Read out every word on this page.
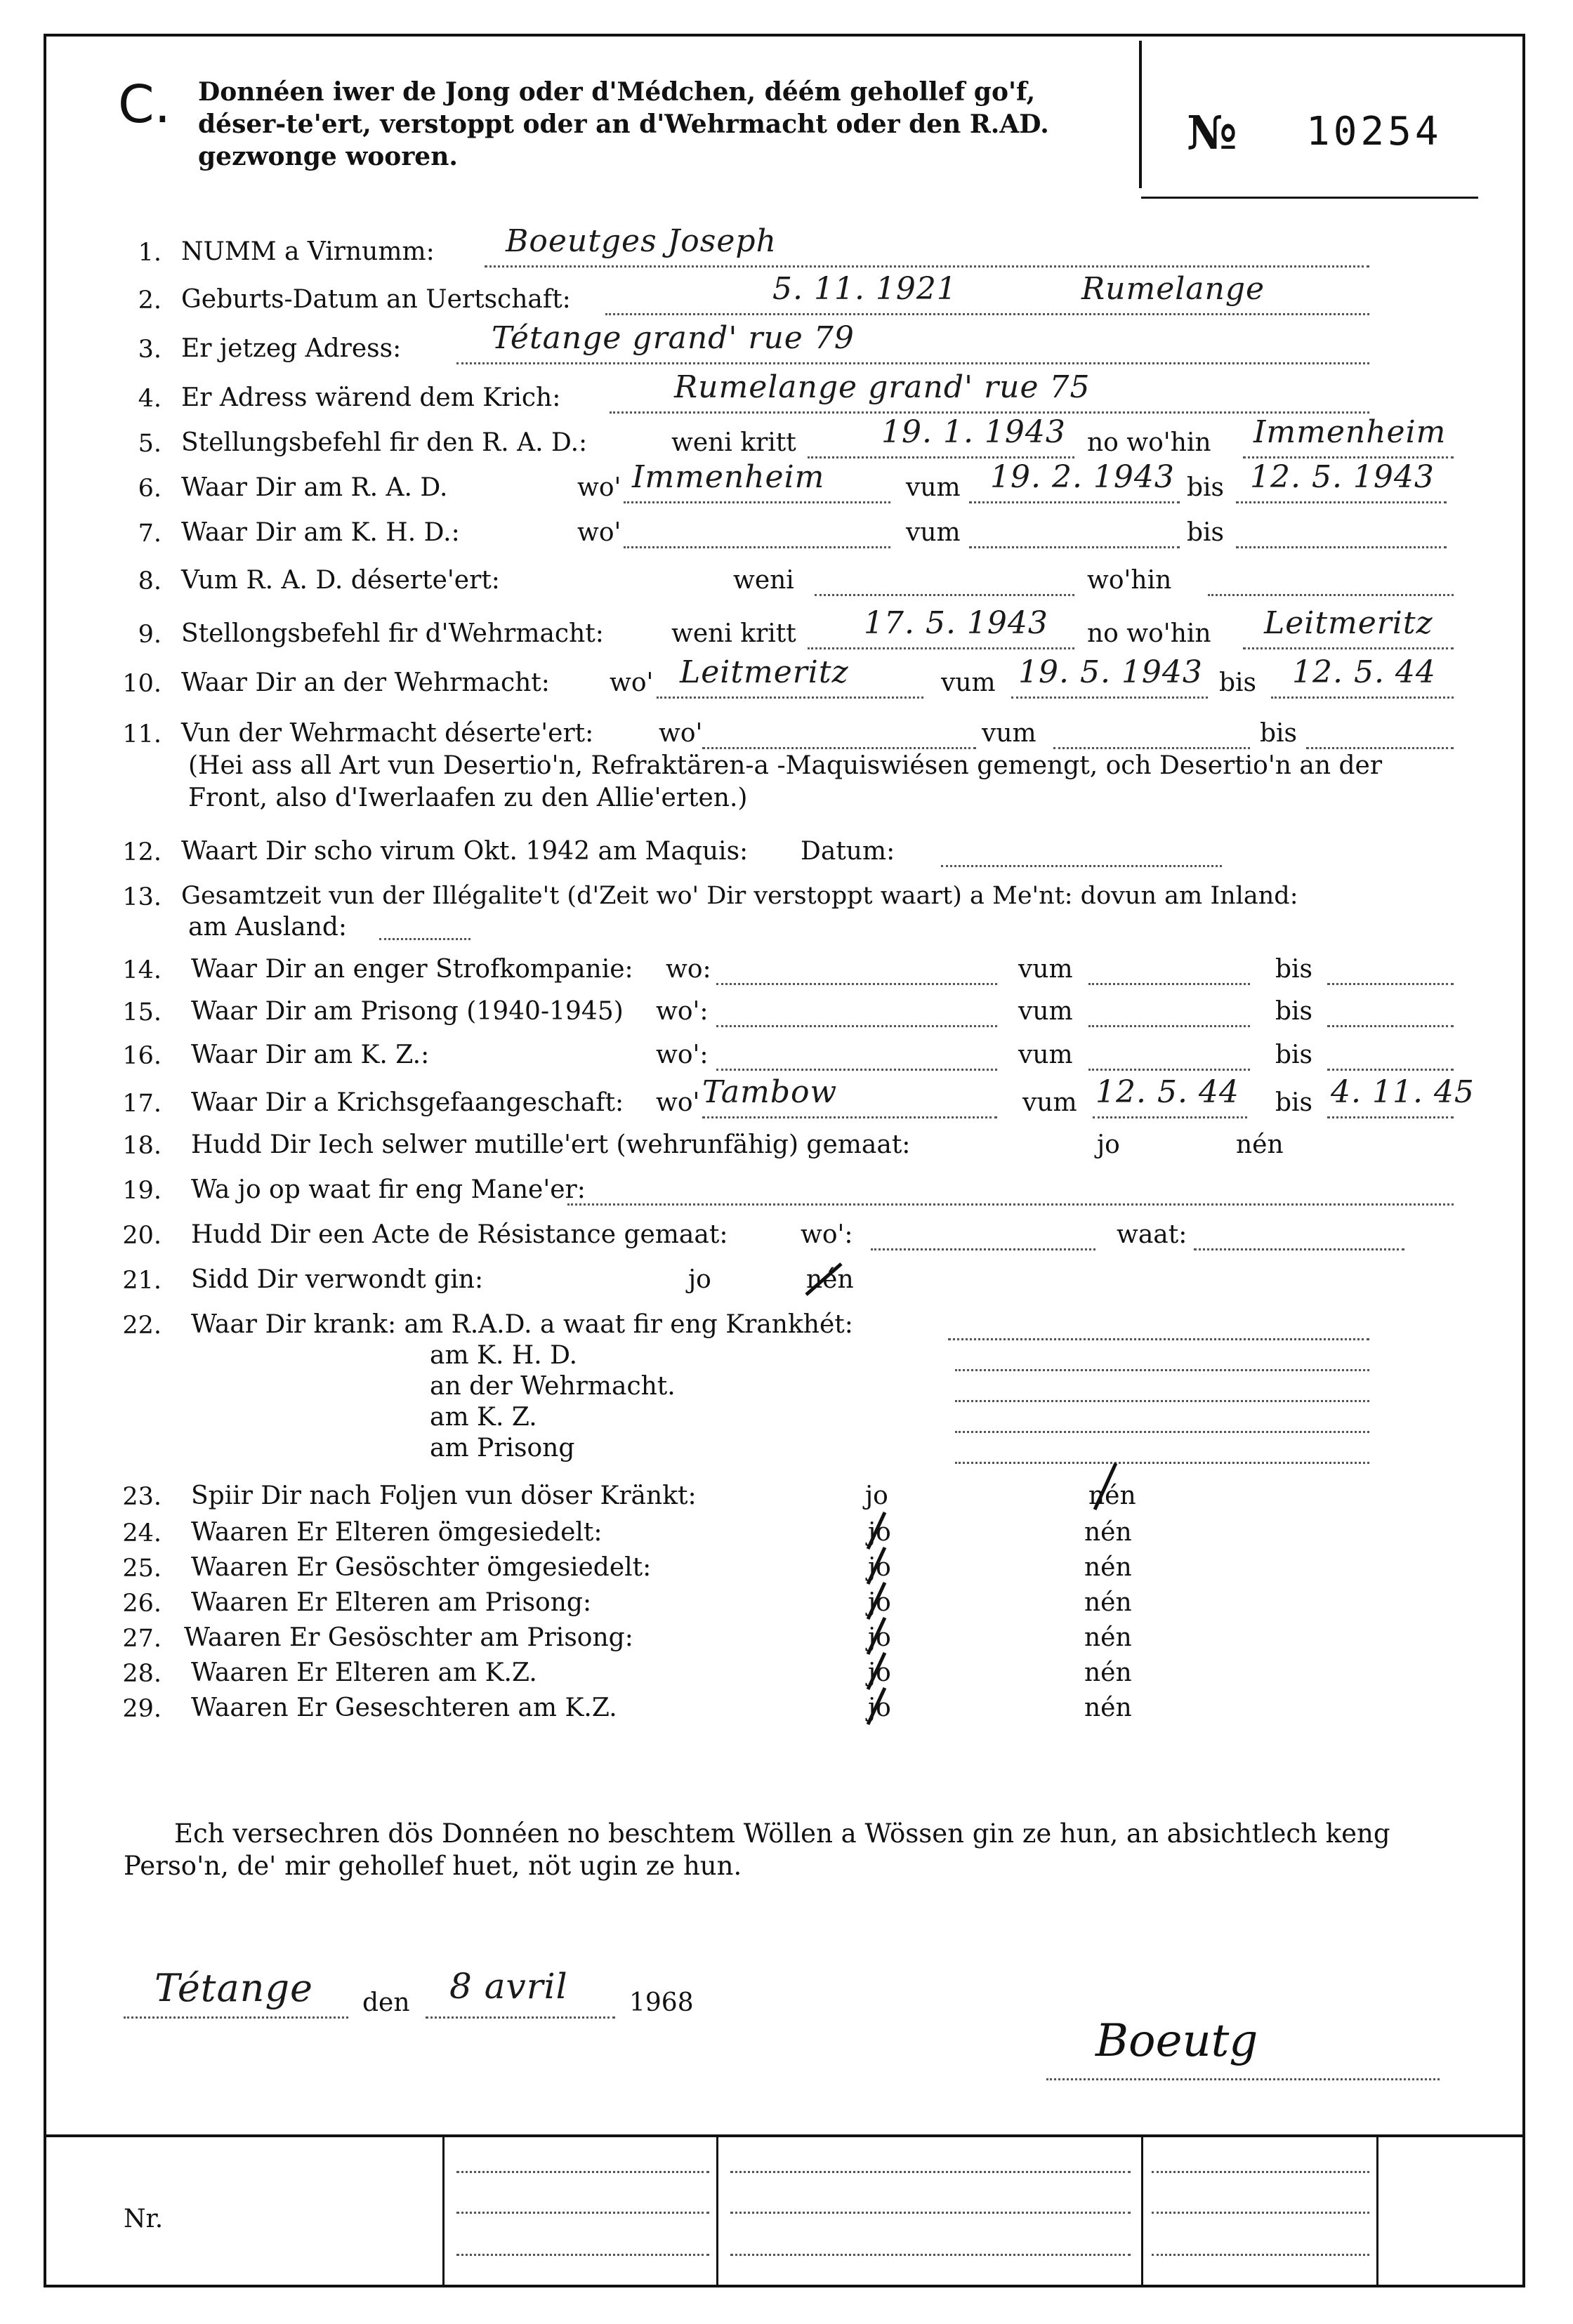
C. Donnéen iwer de Jong oder d'Médchen, déém gehollef go'f, déser-te'ert, verstoppt oder an d'Wehrmacht oder den R.AD. gezwonge wooren.	№ 10254
1. NUMM a Virnumm: Boeutges Joseph
2. Geburts-Datum an Uertschaft:	5. 11. 1921	Rumelange
3. Er jetzeg Adress:	Tétange grand' rue 79
4. Er Adress wärend dem Krich:	Rumelange grand' rue 75
5. Stellungsbefehl fir den R. A. D.:	weni kritt	19. 1. 1943 no wo'hin Immenheim
6. Waar Dir am R. A. D.	wo' Immenheim	vum 19. 2. 1943 bis 12. 5. 1943
7. Waar Dir am K. H. D.:	wo'	vum	bis
8. Vum R. A. D. déserte'ert:	weni	wo'hin
9. Stellongsbefehl fir d'Wehrmacht:	weni kritt 17. 5. 1943 no wo'hin Leitmeritz
10. Waar Dir an der Wehrmacht: wo' Leitmeritz	vum 19. 5. 1943 bis 12. 5. 44
11. Vun der Wehrmacht déserte'ert:	wo'	vum	bis
(Hei ass all Art vun Desertio'n, Refraktären-a -Maquiswiésen gemengt, och Desertio'n an der
Front, also d'Iwerlaafen zu den Allie'erten.)
12. Waart Dir scho virum Okt. 1942 am Maquis: Datum:
13. Gesamtzeit vun der Illégalite't (d'Zeit wo' Dir verstoppt waart) a Me'nt: dovun am Inland:
am Ausland:
14. Waar Dir an enger Strofkompanie: wo:	vum	bis
15. Waar Dir am Prisong (1940-1945) wo':	vum	bis
16. Waar Dir am K. Z.:	wo':	vum	bis
17. Waar Dir a Krichsgefaangeschaft: wo' Tambow	vum 12. 5. 44 bis 4. 11. 45
18. Hudd Dir Iech selwer mutille'ert (wehrunfähig) gemaat:	jo	nén
19. Wa jo op waat fir eng Mane'er:
20. Hudd Dir een Acte de Résistance gemaat:	wo':	waat:
21. Sidd Dir verwondt gin:	jo	nén
22. Waar Dir krank: am R.A.D. a waat fir eng Krankhét:
am K. H. D.
an der Wehrmacht.
am K. Z.
am Prisong
23. Spiir Dir nach Foljen vun döser Kränkt:	jo	nén
24. Waaren Er Elteren ömgesiedelt:	jo	nén
25. Waaren Er Gesöschter ömgesiedelt:	jo	nén
26. Waaren Er Elteren am Prisong:	jo	nén
27. Waaren Er Gesöschter am Prisong:	jo	nén
28. Waaren Er Elteren am K.Z.	jo	nén
29. Waaren Er Geseschteren am K.Z.	jo	nén
Ech versechren dös Donnéen no beschtem Wöllen a Wössen gin ze hun, an absichtlech keng
Perso'n, de' mir gehollef huet, nöt ugin ze hun.
Tétange den 8 avril 1968
Boeutg
Nr.
